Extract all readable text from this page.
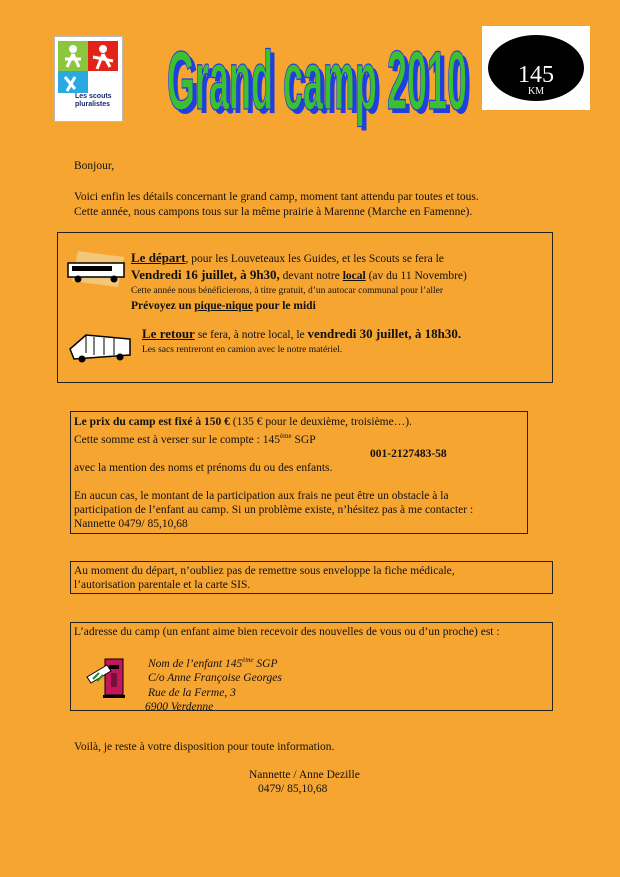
Les scouts pluralistes Grand camp 2010
Grand camp 2010 145
KM

Bonjour,

Voici enfin les détails concernant le grand camp, moment tant attendu par toutes et tous.

Cette année, nous campons tous sur la même prairie à Marenne (Marche en Famenne).

Le départ, pour les Louveteaux les Guides, et les Scouts se fera le

Vendredi 16 juillet, à 9h30, devant notre local (av du 11 Novembre)

Cette année nous bénéficierons, à titre gratuit, d’un autocar communal pour l’aller

Prévoyez un pique-nique pour le midi

Le retour se fera, à notre local, le vendredi 30 juillet, à 18h30.

Les sacs rentreront en camion avec le notre matériel.

Le prix du camp est fixé à 150 € (135 € pour le deuxième, troisième…).

Cette somme est à verser sur le compte : 145ème SGP

001-2127483-58

avec la mention des noms et prénoms du ou des enfants.

En aucun cas, le montant de la participation aux frais ne peut être un obstacle à la

participation de l’enfant au camp. Si un problème existe, n’hésitez pas à me contacter :

Nannette 0479/ 85,10,68

Au moment du départ, n’oubliez pas de remettre sous enveloppe la fiche médicale,

l’autorisation parentale et la carte SIS.

L’adresse du camp (un enfant aime bien recevoir des nouvelles de vous ou d’un proche) est :

Nom de l’enfant 145ème SGP

C/o Anne Françoise Georges

Rue de la Ferme, 3

6900 Verdenne

Voilà, je reste à votre disposition pour toute information.

Nannette / Anne Dezille

0479/ 85,10,68
